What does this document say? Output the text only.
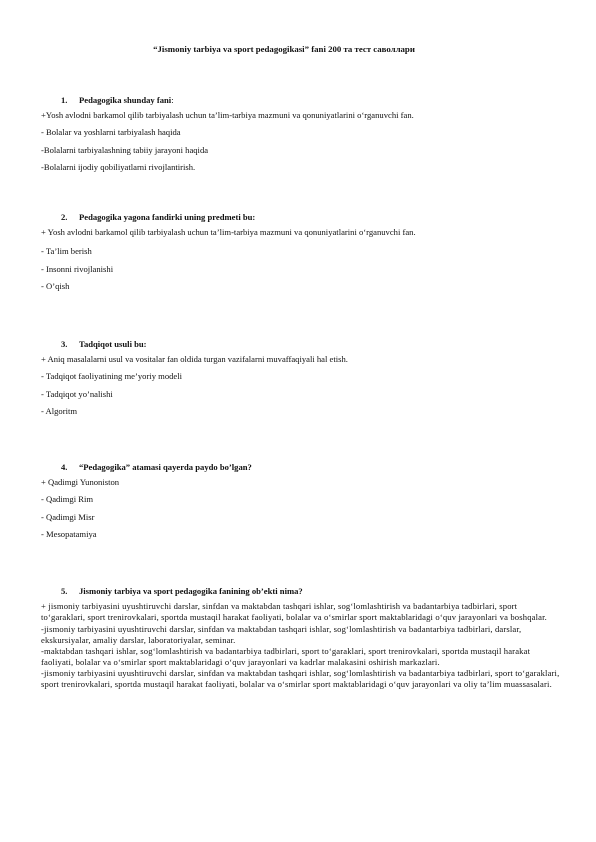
“Jismoniy tarbiya va sport pedagogikasi” fani 200 та тест саволлари
1. Pedagogika shunday fani:
+Yosh avlodni barkamol qilib tarbiyalash uchun ta’lim-tarbiya mazmuni va qonuniyatlarini o‘rganuvchi fan.
- Bolalar va yoshlarni tarbiyalash haqida
-Bolalarni tarbiyalashning tabiiy jarayoni haqida
-Bolalarni ijodiy qobiliyatlarni rivojlantirish.
2. Pedagogika yagona fandirki uning predmeti bu:
+ Yosh avlodni barkamol qilib tarbiyalash uchun ta’lim-tarbiya mazmuni va qonuniyatlarini o‘rganuvchi fan.
- Ta’lim berish
- Insonni rivojlanishi
- O’qish
3. Tadqiqot usuli bu:
+ Aniq masalalarni usul va vositalar fan oldida turgan vazifalarni muvaffaqiyali hal etish.
- Tadqiqot faoliyatining me’yoriy modeli
- Tadqiqot yo’nalishi
- Algoritm
4. “Pedagogika” atamasi qayerda paydo bo’lgan?
+ Qadimgi Yunoniston
- Qadimgi Rim
- Qadimgi Misr
- Mesopatamiya
5. Jismoniy tarbiya va sport pedagogika fanining ob’ekti nima?
+ jismoniy tarbiyasini uyushtiruvchi darslar, sinfdan va maktabdan tashqari ishlar, sog‘lomlashtirish va badantarbiya tadbirlari, sport to‘garaklari, sport trenirovkalari, sportda mustaqil harakat faoliyati, bolalar va o‘smirlar sport maktablaridagi o‘quv jarayonlari va boshqalar.
-jismoniy tarbiyasini uyushtiruvchi darslar, sinfdan va maktabdan tashqari ishlar, sog‘lomlashtirish va badantarbiya tadbirlari, darslar, ekskursiyalar, amaliy darslar, laboratoriyalar, seminar.
-maktabdan tashqari ishlar, sog‘lomlashtirish va badantarbiya tadbirlari, sport to‘garaklari, sport trenirovkalari, sportda mustaqil harakat faoliyati, bolalar va o‘smirlar sport maktablaridagi o‘quv jarayonlari va kadrlar malakasini oshirish markazlari.
-jismoniy tarbiyasini uyushtiruvchi darslar, sinfdan va maktabdan tashqari ishlar, sog‘lomlashtirish va badantarbiya tadbirlari, sport to‘garaklari, sport trenirovkalari, sportda mustaqil harakat faoliyati, bolalar va o‘smirlar sport maktablaridagi o‘quv jarayonlari va oliy ta’lim muassasalari.
